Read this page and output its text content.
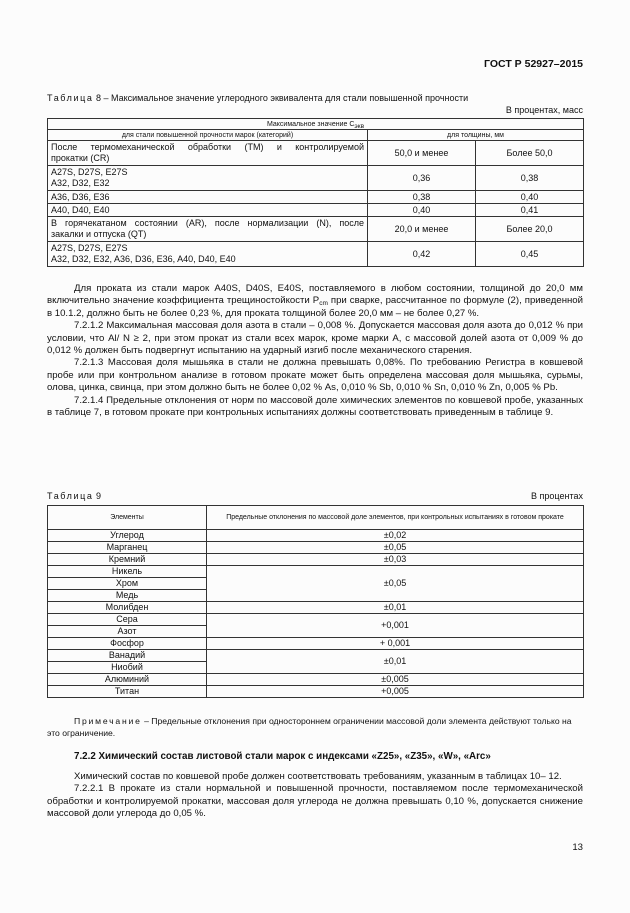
ГОСТ Р 52927–2015
Таблица 8 – Максимальное значение углеродного эквивалента для стали повышенной прочности
В процентах, масс
Максимальное значение $C_{экв}$
для стали повышенной прочности марок (категорий)	для толщины, мм	

После термомеханической обработки (ТМ) и контролируемой
прокатки (CR)	50,0 и менее	Более 50,0

A27S, D27S, E27S
A32, D32, E32	0,36	0,38
A36, D36, E36	0,38	0,40
A40, D40, E40	0,40	0,41

В горячекатаном состоянии (AR), после нормализации (N), после
закалки и отпуска (QT)	20,0 и менее	Более 20,0

A27S, D27S, E27S
A32, D32, E32, A36, D36, E36, A40, D40, E40	0,42	0,45

Для проката из стали марок A40S, D40S, E40S, поставляемого в любом состоянии, толщиной до 20,0 мм включительно значение коэффициента трещиностойкости $P_{cm}$ при сварке, рассчитанное по формуле (2), приведенной в 10.1.2, должно быть не более 0,23 %, для проката толщиной более 20,0 мм – не более 0,27 %.

7.2.1.2 Максимальная массовая доля азота в стали – 0,008 %. Допускается массовая доля азота до 0,012 % при условии, что Al/ N ≥ 2, при этом прокат из стали всех марок, кроме марки А, с массовой долей азота от 0,009 % до 0,012 % должен быть подвергнут испытанию на ударный изгиб после механического старения.

7.2.1.3 Массовая доля мышьяка в стали не должна превышать 0,08%. По требованию Регистра в ковшевой пробе или при контрольном анализе в готовом прокате может быть определена массовая доля мышьяка, сурьмы, олова, цинка, свинца, при этом должно быть не более 0,02 % As, 0,010 % Sb, 0,010 % Sn, 0,010 % Zn, 0,005 % Pb.

7.2.1.4 Предельные отклонения от норм по массовой доле химических элементов по ковшевой пробе, указанных в таблице 7, в готовом прокате при контрольных испытаниях должны соответствовать приведенным в таблице 9.

Таблица 9	В процентах
Элементы	Предельные отклонения по массовой доле элементов, при контрольных испытаниях в готовом прокате
Углерод	±0,02
Марганец	±0,05
Кремний	±0,03
Никель	±0,05
Хром	
Медь	
Молибден	±0,01
Сера	+0,001
Азот	
Фосфор	+ 0,001
Ванадий	±0,01
Ниобий	
Алюминий	±0,005
Титан	+0,005
Примечание – Предельные отклонения при одностороннем ограничении массовой доли элемента действуют только на это ограничение.
7.2.2 Химический состав листовой стали марок с индексами «Z25», «Z35», «W», «Arc»

Химический состав по ковшевой пробе должен соответствовать требованиям, указанным в таблицах 10– 12.

7.2.2.1 В прокате из стали нормальной и повышенной прочности, поставляемом после термомеханической обработки и контролируемой прокатки, массовая доля углерода не должна превышать 0,10 %, допускается снижение массовой доли углерода до 0,05 %.

13
